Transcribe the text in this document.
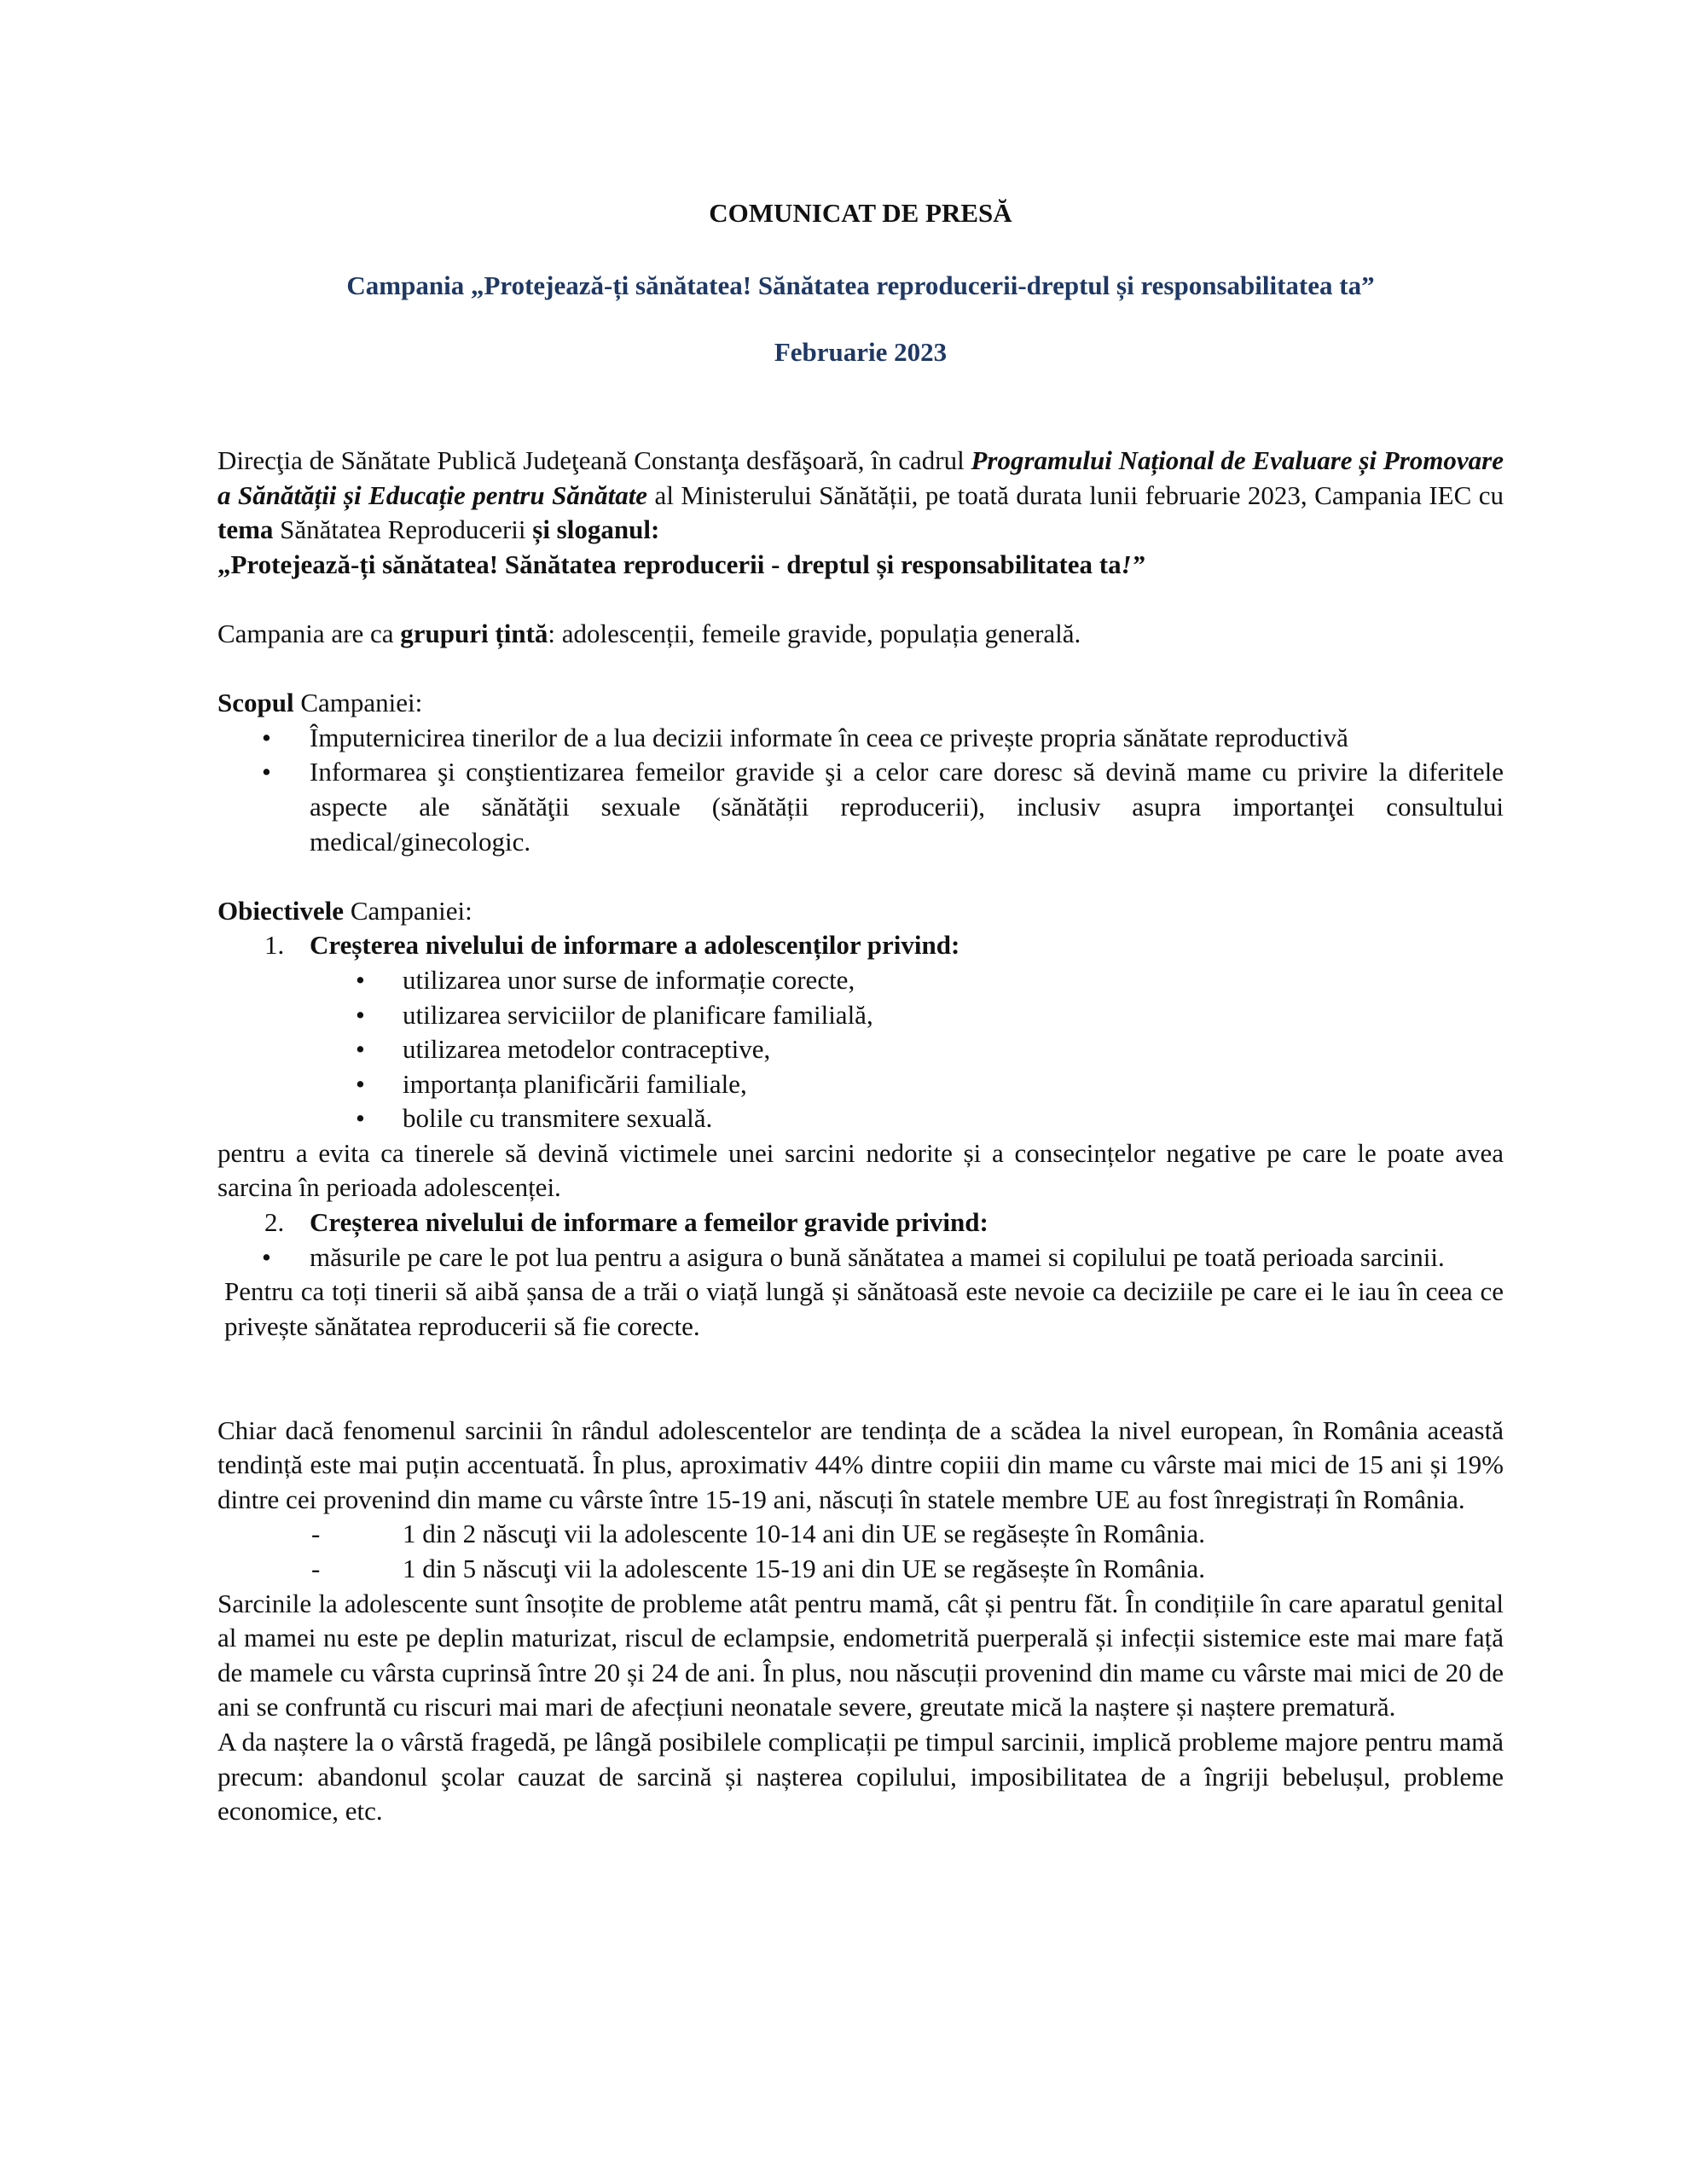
COMUNICAT DE PRESĂ

Campania „Protejează-ți sănătatea! Sănătatea reproducerii-dreptul și responsabilitatea ta”

Februarie 2023

Direcţia de Sănătate Publică Judeţeană Constanţa desfăşoară, în cadrul Programului Național de Evaluare și Promovare a Sănătății și Educație pentru Sănătate al Ministerului Sănătății, pe toată durata lunii februarie 2023, Campania IEC cu tema Sănătatea Reproducerii și sloganul:

„Protejează-ți sănătatea! Sănătatea reproducerii - dreptul și responsabilitatea ta!”

Campania are ca grupuri țintă: adolescenții, femeile gravide, populația generală.

Scopul Campaniei:

• Împuternicirea tinerilor de a lua decizii informate în ceea ce privește propria sănătate reproductivă
• Informarea şi conştientizarea femeilor gravide şi a celor care doresc să devină mame cu privire la diferitele aspecte ale sănătăţii sexuale (sănătății reproducerii), inclusiv asupra importanţei consultului medical/ginecologic.

Obiectivele Campaniei:

1. Creșterea nivelului de informare a adolescenților privind:
• utilizarea unor surse de informație corecte,
• utilizarea serviciilor de planificare familială,
• utilizarea metodelor contraceptive,
• importanța planificării familiale,
• bolile cu transmitere sexuală.

pentru a evita ca tinerele să devină victimele unei sarcini nedorite și a consecințelor negative pe care le poate avea sarcina în perioada adolescenței.

2. Creșterea nivelului de informare a femeilor gravide privind:
• măsurile pe care le pot lua pentru a asigura o bună sănătatea a mamei si copilului pe toată perioada sarcinii.

Pentru ca toți tinerii să aibă șansa de a trăi o viață lungă și sănătoasă este nevoie ca deciziile pe care ei le iau în ceea ce privește sănătatea reproducerii să fie corecte.

Chiar dacă fenomenul sarcinii în rândul adolescentelor are tendința de a scădea la nivel european, în România această tendință este mai puțin accentuată. În plus, aproximativ 44% dintre copiii din mame cu vârste mai mici de 15 ani și 19% dintre cei provenind din mame cu vârste între 15-19 ani, născuți în statele membre UE au fost înregistrați în România.

-	1 din 2 născuţi vii la adolescente 10-14 ani din UE se regăsește în România.
-	1 din 5 născuţi vii la adolescente 15-19 ani din UE se regăsește în România.

Sarcinile la adolescente sunt însoțite de probleme atât pentru mamă, cât și pentru făt. În condițiile în care aparatul genital al mamei nu este pe deplin maturizat, riscul de eclampsie, endometrită puerperală și infecții sistemice este mai mare față de mamele cu vârsta cuprinsă între 20 și 24 de ani. În plus, nou născuții provenind din mame cu vârste mai mici de 20 de ani se confruntă cu riscuri mai mari de afecțiuni neonatale severe, greutate mică la naștere și naștere prematură.

A da naștere la o vârstă fragedă, pe lângă posibilele complicații pe timpul sarcinii, implică probleme majore pentru mamă precum: abandonul şcolar cauzat de sarcină și nașterea copilului, imposibilitatea de a îngriji bebelușul, probleme economice, etc.
